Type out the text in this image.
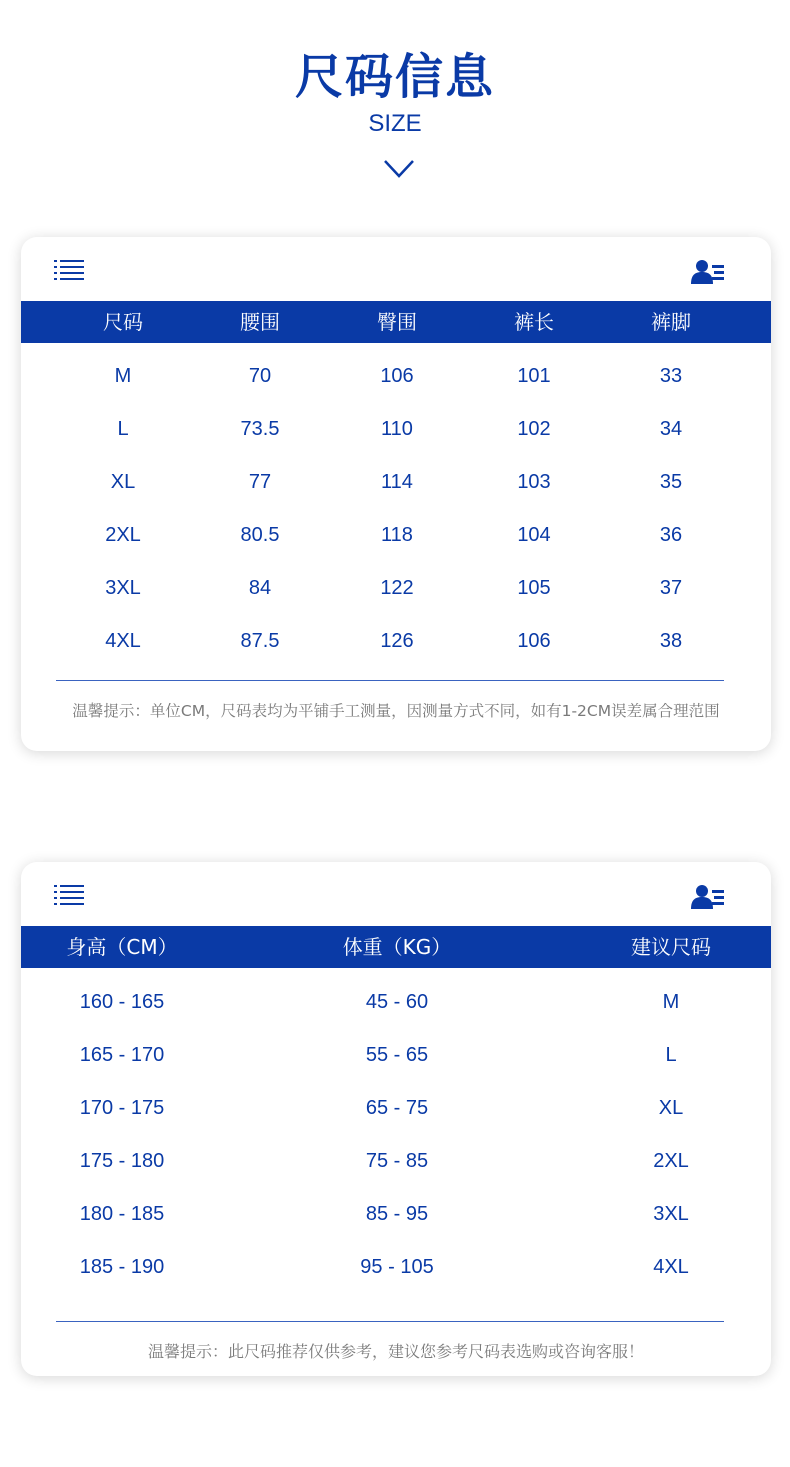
尺码信息
SIZE
尺码	腰围	臀围	裤长	裤脚
M	70	106	101	33
L	73.5	110	102	34
XL	77	114	103	35
2XL	80.5	118	104	36
3XL	84	122	105	37
4XL	87.5	126	106	38
温馨提示：单位CM，尺码表均为平铺手工测量，因测量方式不同，如有1-2CM误差属合理范围
身高（CM）	体重（KG）	建议尺码
160 - 165	45 - 60	M
165 - 170	55 - 65	L
170 - 175	65 - 75	XL
175 - 180	75 - 85	2XL
180 - 185	85 - 95	3XL
185 - 190	95 - 105	4XL
温馨提示：此尺码推荐仅供参考，建议您参考尺码表选购或咨询客服！
